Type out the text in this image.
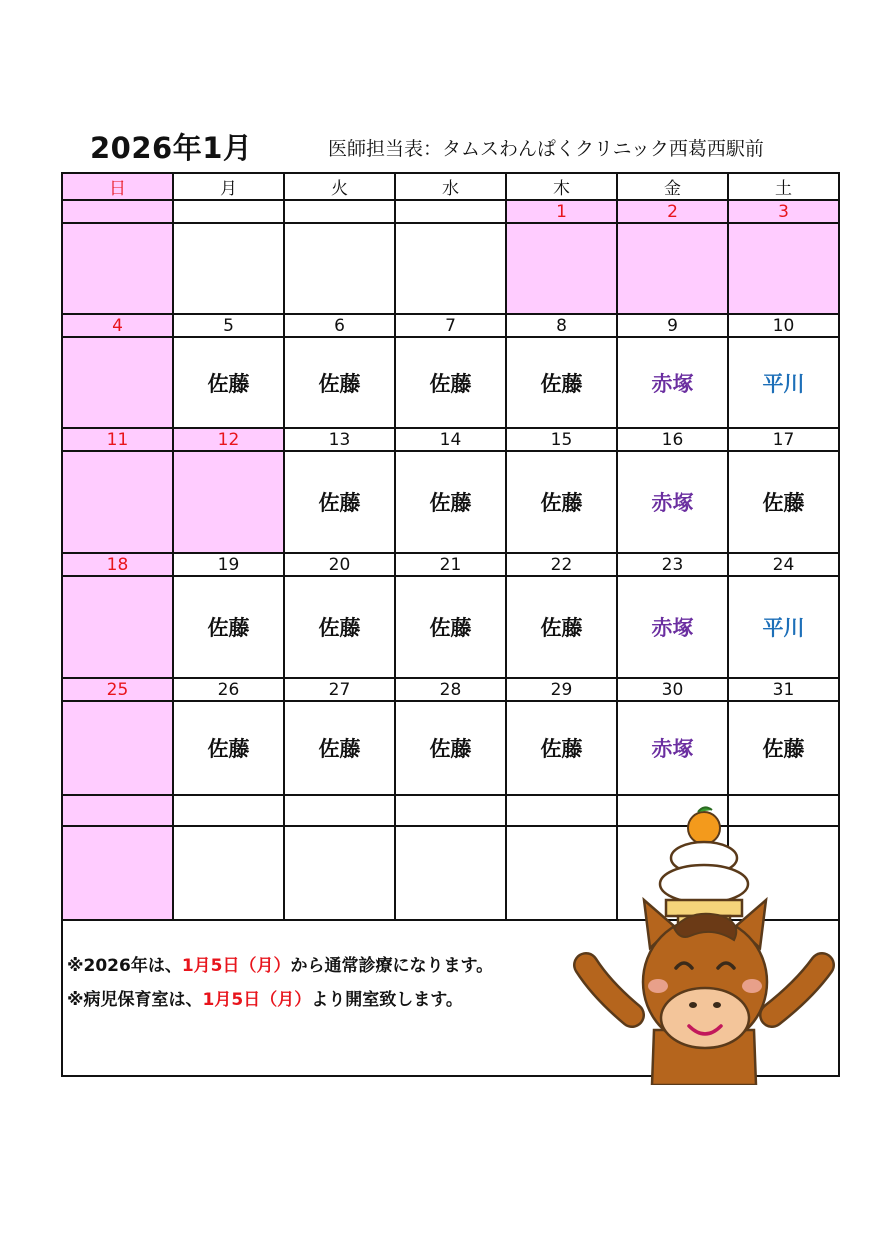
2026年1月	医師担当表：タムスわんぱくクリニック西葛西駅前
日	月	火	水	木	金	土
				1	2	3

4	5	6	7	8	9	10
	佐藤	佐藤	佐藤	佐藤	赤塚	平川
11	12	13	14	15	16	17
		佐藤	佐藤	佐藤	赤塚	佐藤
18	19	20	21	22	23	24
	佐藤	佐藤	佐藤	佐藤	赤塚	平川
25	26	27	28	29	30	31
	佐藤	佐藤	佐藤	佐藤	赤塚	佐藤

※2026年は、1月5日（月）から通常診療になります。
※病児保育室は、1月5日（月）より開室致します。						
